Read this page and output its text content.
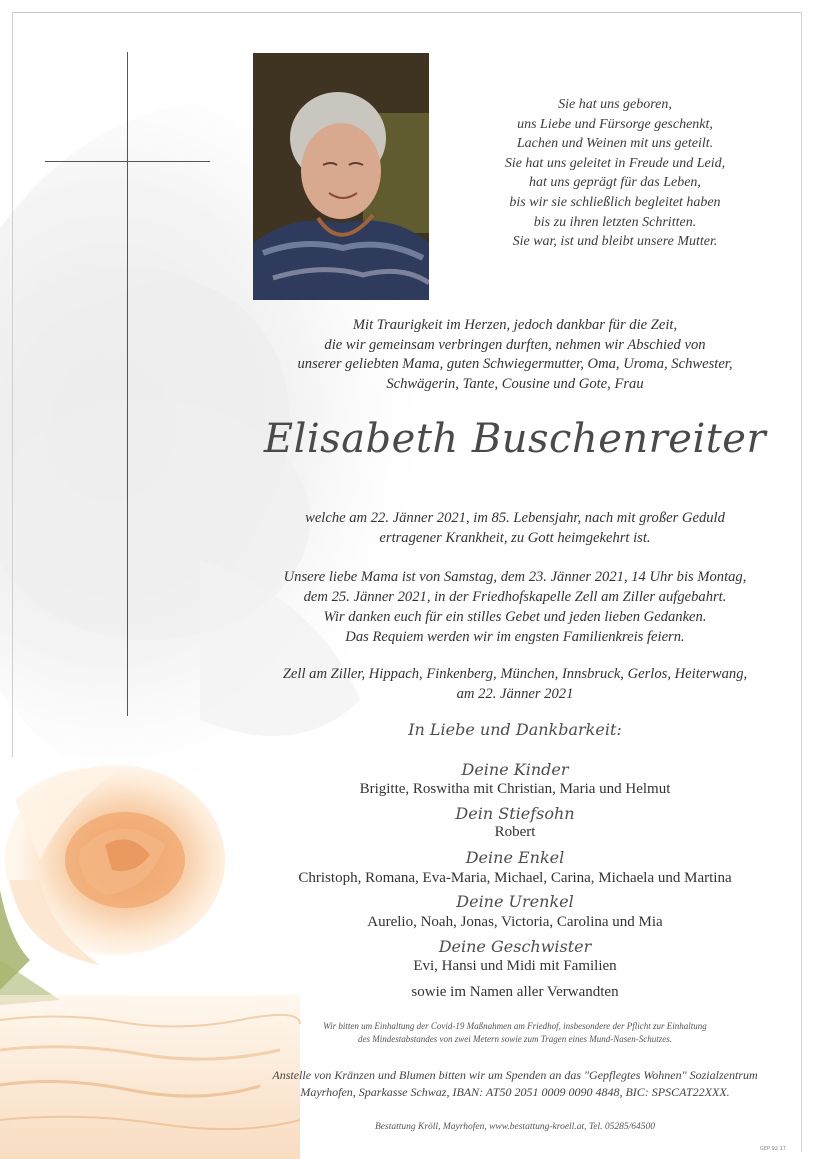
Sie hat uns geboren,
uns Liebe und Fürsorge geschenkt,
Lachen und Weinen mit uns geteilt.
Sie hat uns geleitet in Freude und Leid,
hat uns geprägt für das Leben,
bis wir sie schließlich begleitet haben
bis zu ihren letzten Schritten.
Sie war, ist und bleibt unsere Mutter.
Mit Traurigkeit im Herzen, jedoch dankbar für die Zeit,
die wir gemeinsam verbringen durften, nehmen wir Abschied von
unserer geliebten Mama, guten Schwiegermutter, Oma, Uroma, Schwester,
Schwägerin, Tante, Cousine und Gote, Frau
Elisabeth Buschenreiter
welche am 22. Jänner 2021, im 85. Lebensjahr, nach mit großer Geduld
ertragener Krankheit, zu Gott heimgekehrt ist.
Unsere liebe Mama ist von Samstag, dem 23. Jänner 2021, 14 Uhr bis Montag,
dem 25. Jänner 2021, in der Friedhofskapelle Zell am Ziller aufgebahrt.
Wir danken euch für ein stilles Gebet und jeden lieben Gedanken.
Das Requiem werden wir im engsten Familienkreis feiern.
Zell am Ziller, Hippach, Finkenberg, München, Innsbruck, Gerlos, Heiterwang,
am 22. Jänner 2021
In Liebe und Dankbarkeit:
Deine Kinder
Brigitte, Roswitha mit Christian, Maria und Helmut
Dein Stiefsohn
Robert
Deine Enkel
Christoph, Romana, Eva-Maria, Michael, Carina, Michaela und Martina
Deine Urenkel
Aurelio, Noah, Jonas, Victoria, Carolina und Mia
Deine Geschwister
Evi, Hansi und Midi mit Familien
sowie im Namen aller Verwandten
Wir bitten um Einhaltung der Covid-19 Maßnahmen am Friedhof, insbesondere der Pflicht zur Einhaltung
des Mindestabstandes von zwei Metern sowie zum Tragen eines Mund-Nasen-Schutzes.
Anstelle von Kränzen und Blumen bitten wir um Spenden an das "Gepflegtes Wohnen" Sozialzentrum
Mayrhofen, Sparkasse Schwaz, IBAN: AT50 2051 0009 0090 4848, BIC: SPSCAT22XXX.
Bestattung Kröll, Mayrhofen, www.bestattung-kroell.at, Tel. 05285/64500
GEP 92.17
